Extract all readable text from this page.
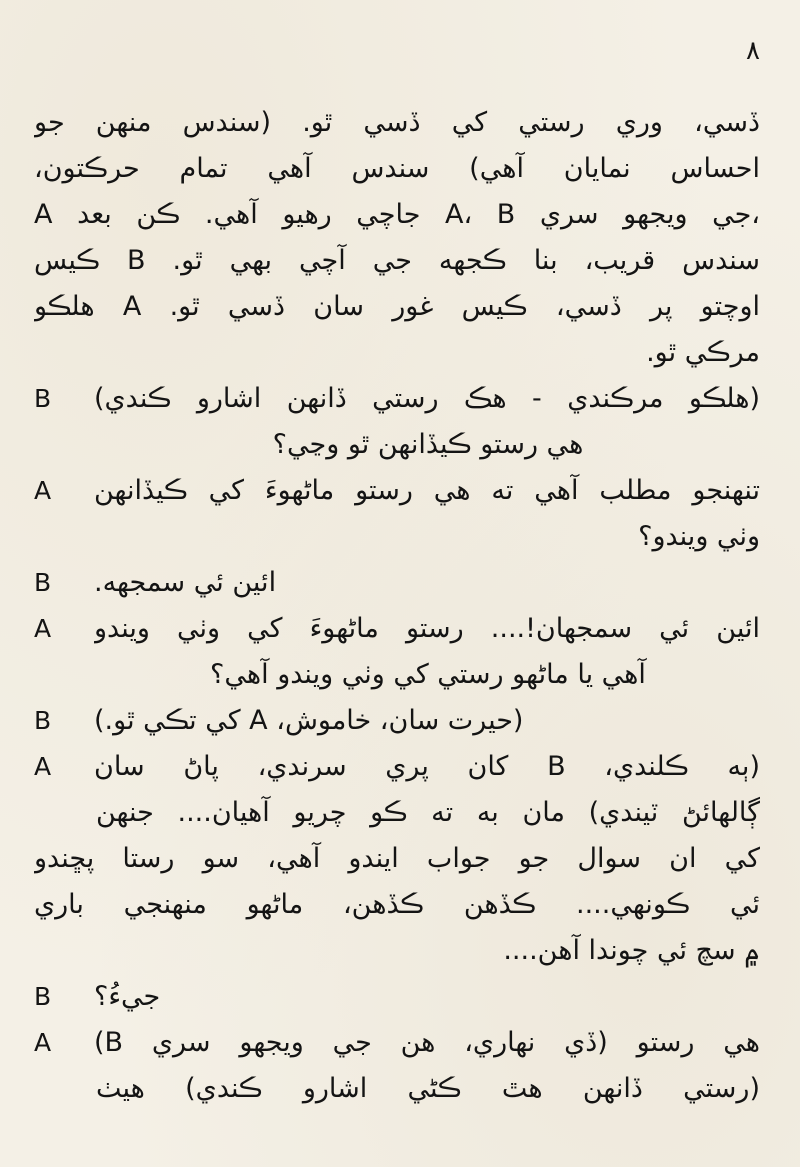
٨
ڏسي، وري رستي کي ڏسي ٿو. (سندس منهن جو
احساس نمايان آهي) سندس آهي تمام حرڪتون،
A جاچي رهيو آهي. ڪن بعد A، B جي ويجهو سري،
سندس قريب، بنا ڪجهه جي آچي بهي ٿو. B ڪيس
اوچتو پر ڏسي، ڪيس غور سان ڏسي ٿو. A هلڪو
مرڪي ٿو.
B	(هلڪو مرڪندي - هڪ رستي ڏانهن اشارو ڪندي)
هي رستو ڪيڏانهن ٿو وڃي؟
A	تنهنجو مطلب آهي ته هي رستو ماڻهوءَ کي ڪيڏانهن
وٺي ويندو؟
B	ائين ئي سمجهه.
A	ائين ئي سمجهان!.... رستو ماڻهوءَ کي وٺي ويندو
آهي يا ماڻهو رستي کي وٺي ويندو آهي؟
B	(حيرت سان، خاموش، A کي تڪي ٿو.)
A	(ٻه ڪلندي، B کان پري سرندي، پاڻ سان
ڳالهائڻ ٽيندي) مان به ته ڪو چريو آهيان.... جنهن
کي ان سوال جو جواب ايندو آهي، سو رستا پڇندو
ئي ڪونهي.... ڪڏهن ڪڏهن، ماڻهو منهنجي باري
۾ سچ ئي چوندا آهن....
B	جيءُ؟
A	(B ڏي نهاري، هن جي ويجهو سري) هي رستو
(رستي ڏانهن هٿ ڪڻي اشارو ڪندي) هيٺ
